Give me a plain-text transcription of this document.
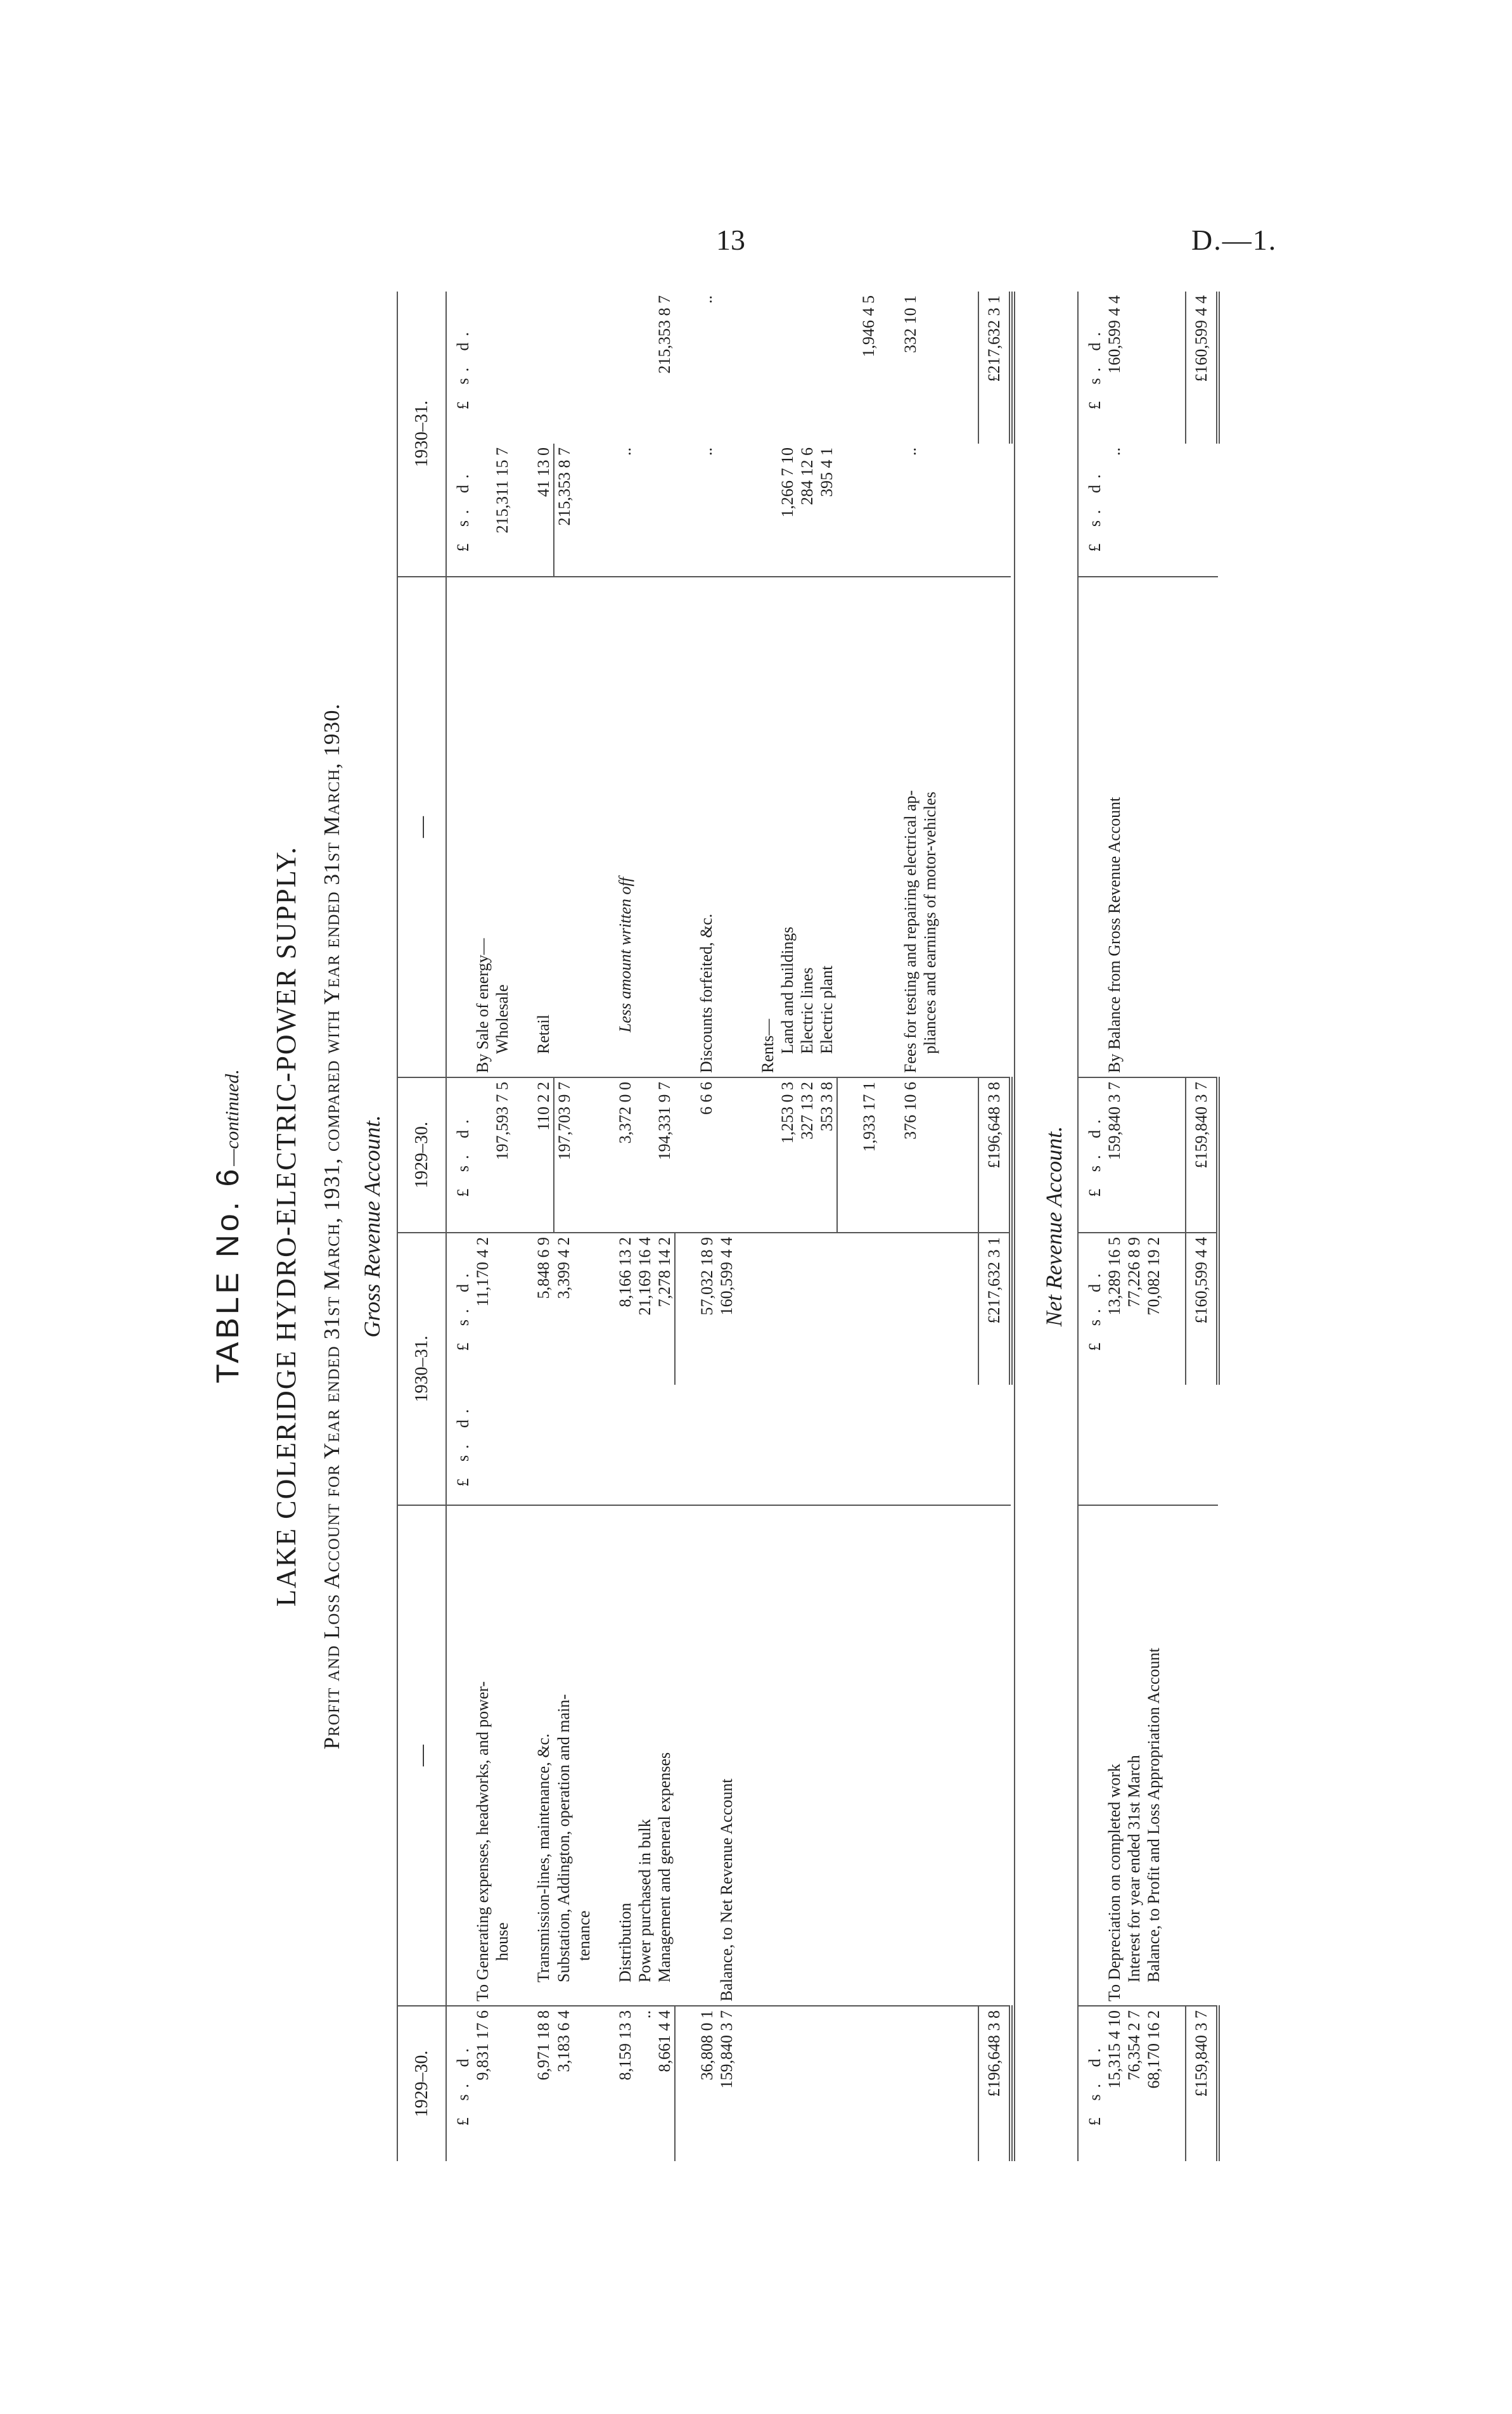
13	D.—1.
TABLE No. 6—continued. LAKE COLERIDGE HYDRO-ELECTRIC-POWER SUPPLY. Profit and Loss Account for Year ended 31st March, 1931, compared with Year ended 31st March, 1930. Gross Revenue Account.
1929–30.	—	1930–31.		1929–30.	—	1930–31.	
£ s. d.		£ s. d.	£ s. d.	£ s. d.		£ s. d.	£ s. d.
9,831 17 6	To Generating expenses, headworks, and power-		11,170 4 2		By Sale of energy—		
	house			197,593 7 5	Wholesale	215,311 15 7	
6,971 18 8	Transmission-lines, maintenance, &c.		5,848 6 9	110 2 2	Retail	41 13 0	
3,183 6 4	Substation, Addington, operation and main-		3,399 4 2	197,703 9 7		215,353 8 7	
	tenance						
8,159 13 3	Distribution		8,166 13 2	3,372 0 0	Less amount written off	..	
..	Power purchased in bulk		21,169 16 4				
8,661 4 4	Management and general expenses		7,278 14 2	194,331 9 7			215,353 8 7
36,808 0 1			57,032 18 9	6 6 6	Discounts forfeited, &c.	..	..
159,840 3 7	Balance, to Net Revenue Account		160,599 4 4				
					Rents—		
				1,253 0 3	Land and buildings	1,266 7 10	
				327 13 2	Electric lines	284 12 6	
				353 3 8	Electric plant	395 4 1	
				1,933 17 1			1,946 4 5
				376 10 6	Fees for testing and repairing electrical ap-	..	332 10 1
					pliances and earnings of motor-vehicles		

£196,648 3 8			£217,632 3 1	£196,648 3 8			£217,632 3 1

Net Revenue Account.
£ s. d.			£ s. d.	£ s. d.		£ s. d.	£ s. d.
15,315 4 10	To Depreciation on completed work		13,289 16 5	159,840 3 7	By Balance from Gross Revenue Account	..	160,599 4 4
76,354 2 7	Interest for year ended 31st March		77,226 8 9				
68,170 16 2	Balance, to Profit and Loss Appropriation Account		70,082 19 2				

£159,840 3 7			£160,599 4 4	£159,840 3 7			£160,599 4 4
